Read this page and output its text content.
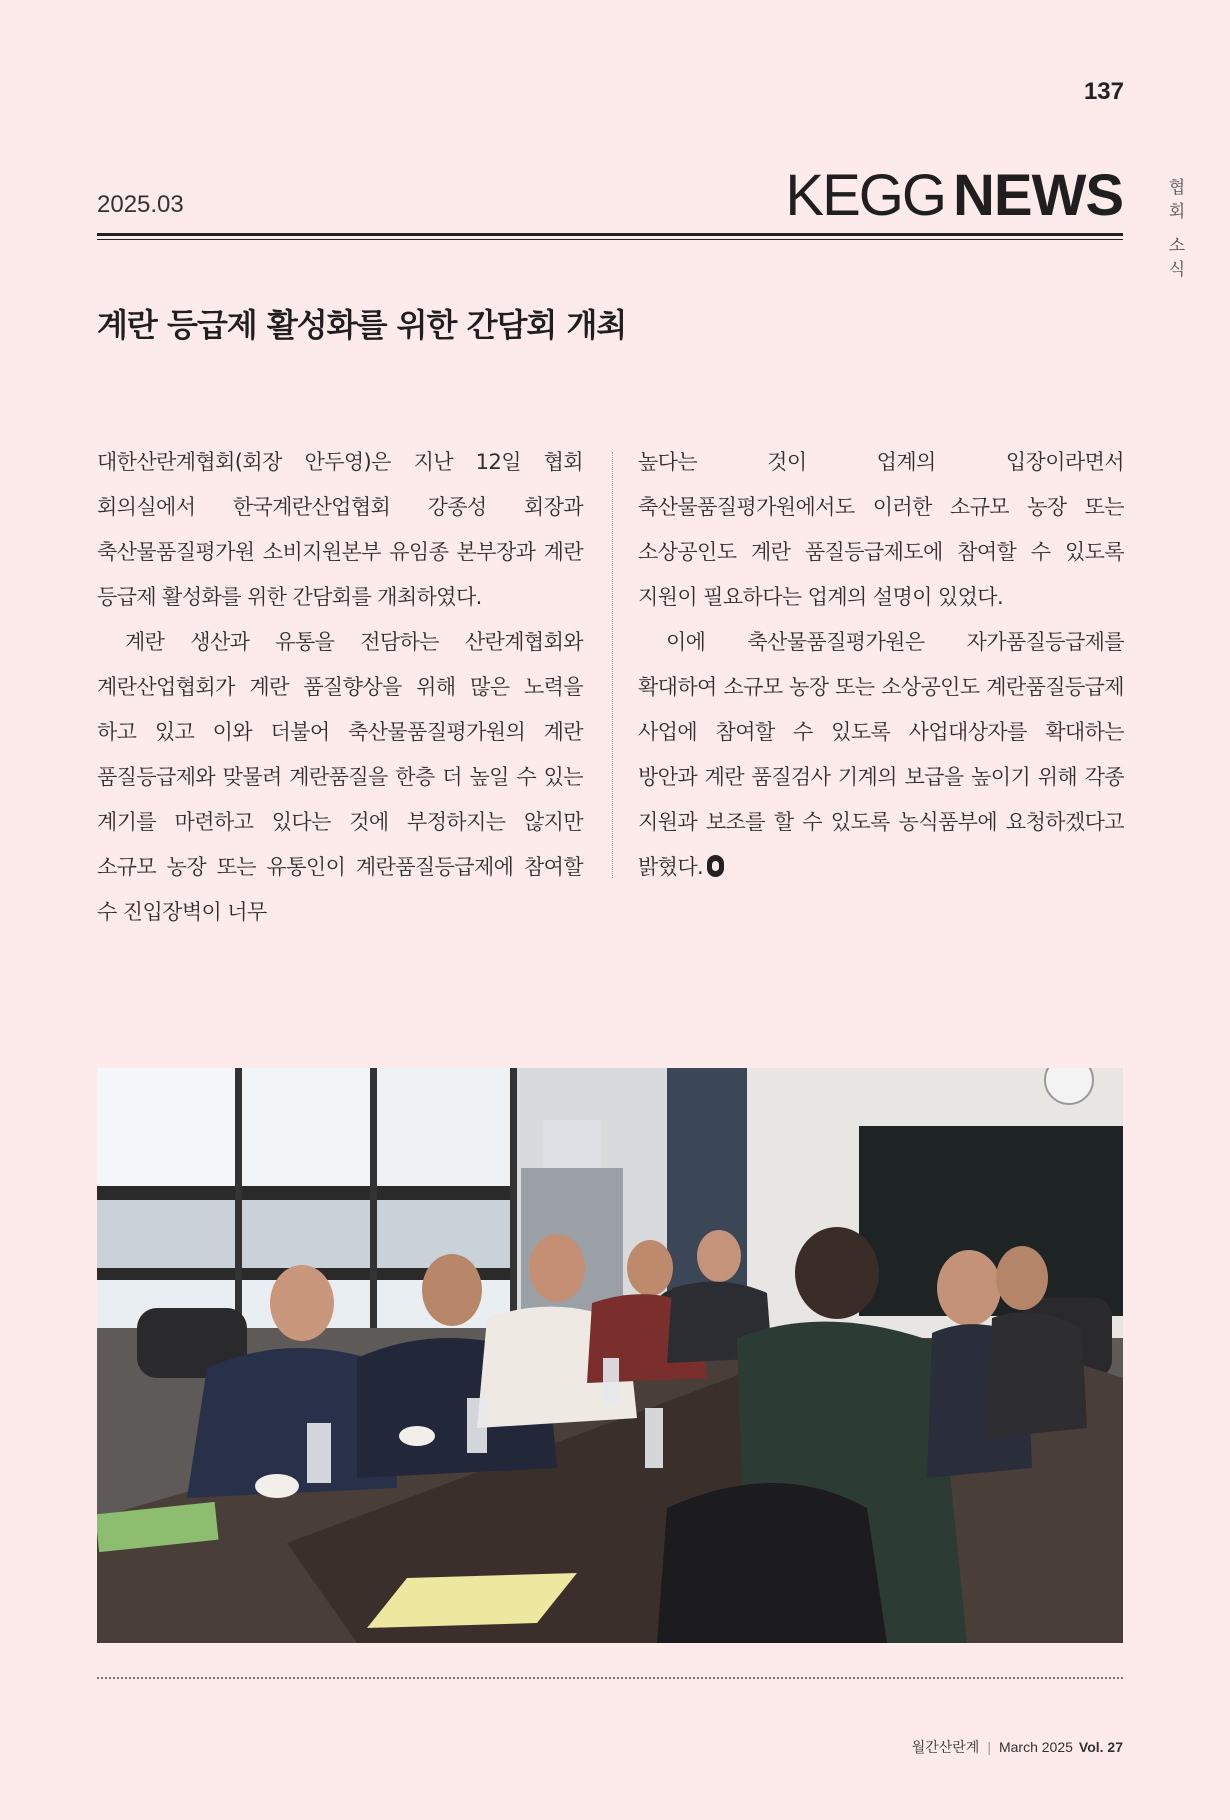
137
협
회
소
식
2025.03	KEGG NEWS
계란 등급제 활성화를 위한 간담회 개최

대한산란계협회(회장 안두영)은 지난 12일 협회 회의실에서 한국계란산업협회 강종성 회장과 축산물품질평가원 소비지원본부 유임종 본부장과 계란 등급제 활성화를 위한 간담회를 개최하였다.

계란 생산과 유통을 전담하는 산란계협회와 계란산업협회가 계란 품질향상을 위해 많은 노력을 하고 있고 이와 더불어 축산물품질평가원의 계란 품질등급제와 맞물려 계란품질을 한층 더 높일 수 있는 계기를 마련하고 있다는 것에 부정하지는 않지만 소규모 농장 또는 유통인이 계란품질등급제에 참여할 수 진입장벽이 너무

높다는 것이 업계의 입장이라면서 축산물품질평가원에서도 이러한 소규모 농장 또는 소상공인도 계란 품질등급제도에 참여할 수 있도록 지원이 필요하다는 업계의 설명이 있었다.

이에 축산물품질평가원은 자가품질등급제를 확대하여 소규모 농장 또는 소상공인도 계란품질등급제 사업에 참여할 수 있도록 사업대상자를 확대하는 방안과 계란 품질검사 기계의 보급을 높이기 위해 각종 지원과 보조를 할 수 있도록 농식품부에 요청하겠다고 밝혔다.

월간산란계 | March 2025 Vol. 27
